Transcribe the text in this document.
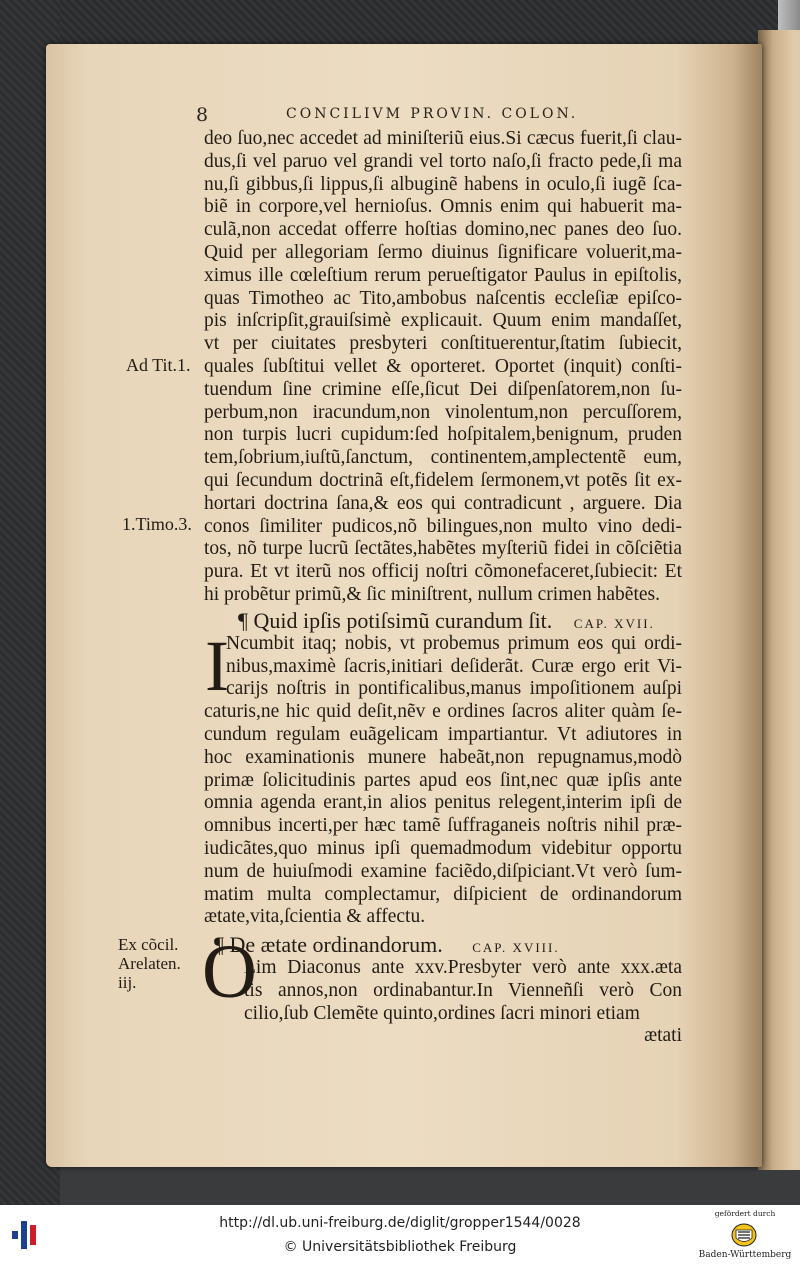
8	CONCILIVM PROVIN. COLON.
Ad Tit.1.
1.Timo.3.
Ex cõcil.
Arelaten.
iij.
I
O
deo ſuo,nec accedet ad miniſteriũ eius.Si cæcus fuerit,ſi clau-
dus,ſi vel paruo vel grandi vel torto naſo,ſi fracto pede,ſi ma
nu,ſi gibbus,ſi lippus,ſi albuginẽ habens in oculo,ſi iugẽ ſca-
biẽ in corpore,vel hernioſus. Omnis enim qui habuerit ma-
culã,non accedat offerre hoſtias domino,nec panes deo ſuo.
Quid per allegoriam ſermo diuinus ſignificare voluerit,ma-
ximus ille cœleſtium rerum perueſtigator Paulus in epiſtolis,
quas Timotheo ac Tito,ambobus naſcentis eccleſiæ epiſco-
pis inſcripſit,grauiſsimè explicauit. Quum enim mandaſſet,
vt per ciuitates presbyteri conſtituerentur,ſtatim ſubiecit,
quales ſubſtitui vellet & oporteret. Oportet (inquit) conſti-
tuendum ſine crimine eſſe,ſicut Dei diſpenſatorem,non ſu-
perbum,non iracundum,non vinolentum,non percuſſorem,
non turpis lucri cupidum:ſed hoſpitalem,benignum, pruden
tem,ſobrium,iuſtũ,ſanctum, continentem,amplectentẽ eum,
qui ſecundum doctrinã eſt,fidelem ſermonem,vt potẽs ſit ex-
hortari doctrina ſana,& eos qui contradicunt , arguere. Dia
conos ſimiliter pudicos,nõ bilingues,non multo vino dedi-
tos, nõ turpe lucrũ ſectãtes,habẽtes myſteriũ fidei in cõſciẽtia
pura. Et vt iterũ nos officij noſtri cõmonefaceret,ſubiecit: Et
hi probẽtur primũ,& ſic miniſtrent, nullum crimen habẽtes.
¶ Quid ipſis potiſsimũ curandum ſit. CAP. XVII.
Ncumbit itaq; nobis, vt probemus primum eos qui ordi-
nibus,maximè ſacris,initiari deſiderãt. Curæ ergo erit Vi-
carijs noſtris in pontificalibus,manus impoſitionem auſpi
caturis,ne hic quid deſit,nẽv e ordines ſacros aliter quàm ſe-
cundum regulam euãgelicam impartiantur. Vt adiutores in
hoc examinationis munere habeãt,non repugnamus,modò
primæ ſolicitudinis partes apud eos ſint,nec quæ ipſis ante
omnia agenda erant,in alios penitus relegent,interim ipſi de
omnibus incerti,per hæc tamẽ ſuffraganeis noſtris nihil præ-
iudicãtes,quo minus ipſi quemadmodum videbitur opportu
num de huiuſmodi examine faciẽdo,diſpiciant.Vt verò ſum-
matim multa complectamur, diſpicient de ordinandorum
ætate,vita,ſcientia & affectu.
¶ De ætate ordinandorum. CAP. XVIII.
Lim Diaconus ante xxv.Presbyter verò ante xxx.æta
tis annos,non ordinabantur.In Vienneñſi verò Con
cilio,ſub Clemẽte quinto,ordines ſacri minori etiam
ætati
http://dl.ub.uni-freiburg.de/diglit/gropper1544/0028
© Universitätsbibliothek Freiburg
gefördert durch
Baden-Württemberg
